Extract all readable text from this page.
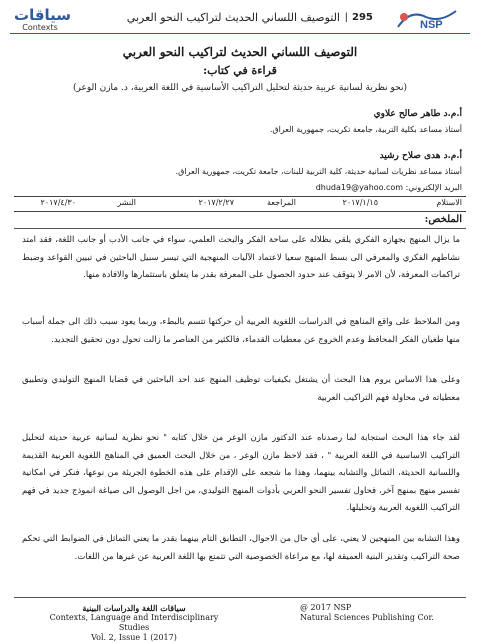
سياقات
Contexts
التوصيف اللساني الحديث لتراكيب النحو العربي | 295
NSP
التوصيف اللساني الحديث لتراكيب النحو العربي
قراءة في كتاب:
(نحو نظرية لسانية عربية حديثة لتحليل التراكيب الأساسية في اللغة العربية، د. مازن الوعر)
أ.م.د طاهر صالح علاوي
أستاذ مساعد بكلية التربية، جامعة تكريت، جمهورية العراق.
أ.م.د هدى صلاح رشيد
أستاذ مساعد نظريات لسانية حديثة، كلية التربية للبنات، جامعة تكريت، جمهورية العراق.
البريد الإلكتروني: dhuda19@yahoo.com
الاستلام
٢٠١٧/١/١٥
المراجعة
٢٠١٧/٢/٢٧
النشر
٢٠١٧/٤/٣٠
الملخص:
ما يزال المنهج بجهازه الفكري يلقي بظلاله على ساحة الفكر والبحث العلمي، سواء في جانب الأدب أو جانب اللغة، فقد امتد نشاطهم الفكري والمعرفي الى بسط المنهج سعيا لاعتماد الآليات المنهجية التي تيسر سبيل الباحثين في تبيين القواعد وضبط تراكمات المعرفة، لأن الامر لا يتوقف عند حدود الحصول على المعرفة بقدر ما يتعلق باستثمارها والافادة منها.
ومن الملاحظ على واقع المناهج في الدراسات اللغوية العربية أن حركتها تتسم بالبطء، وربما يعود سبب ذلك الى جملة أسباب منها طغيان الفكر المحافظ وعدم الخروج عن معطيات القدماء، فالكثير من العناصر ما زالت تحول دون تحقيق التجديد.
وعلى هذا الاساس يروم هذا البحث أن يشتغل بكيفيات توظيف المنهج عند احد الباحثين في قضايا المنهج التوليدي وتطبيق معطياته في محاولة فهم التراكيب العربية
لقد جاء هذا البحث استجابة لما رصدناه عند الدكتور مازن الوعر من خلال كتابه " نحو نظرية لسانية عربية حديثة لتحليل التراكيب الاساسية في اللغة العربية " ، فقد لاحظ مازن الوعر ، من خلال البحث العميق في المناهج اللغوية العربية القديمة واللسانية الحديثة، التماثل والتشابه بينهما، وهذا ما شجعه على الإقدام على هذه الخطوة الجريئة من نوعها، فنكر في امكانية تفسير منهج بمنهج آخر، فحاول تفسير النحو العربي بأدوات المنهج التوليدي، من اجل الوصول الى صياغة انموذج جديد في فهم التراكيب اللغوية العربية وتحليلها.
وهذا التشابه بين المنهجين لا يعني، على أي حال من الاحوال، التطابق التام بينهما بقدر ما يعني التماثل في الضوابط التي تحكم صحة التراكيب وتقدير البنية العميقة لها، مع مراعاة الخصوصية التي تتمتع بها اللغة العربية عن غيرها من اللغات.
سياقات اللغة والدراسات البينية
Contexts, Language and Interdisciplinary Studies
Vol. 2, Issue 1 (2017)
@ 2017 NSP
Natural Sciences Publishing Cor.
